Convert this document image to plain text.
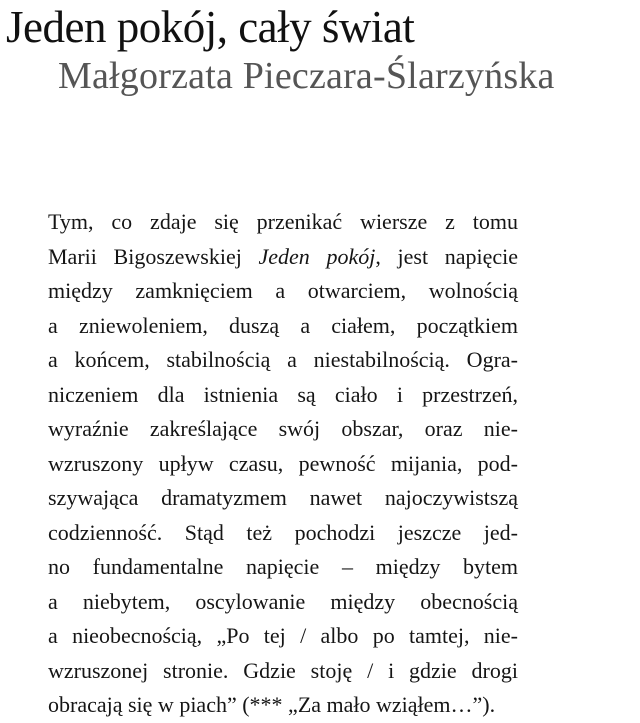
Jeden pokój, cały świat
Małgorzata Pieczara-Ślarzyńska
Tym, co zdaje się przenikać wiersze z tomu
Marii Bigoszewskiej Jeden pokój, jest napięcie
między zamknięciem a otwarciem, wolnością
a zniewoleniem, duszą a ciałem, początkiem
a końcem, stabilnością a niestabilnością. Ogra-
niczeniem dla istnienia są ciało i przestrzeń,
wyraźnie zakreślające swój obszar, oraz nie-
wzruszony upływ czasu, pewność mijania, pod-
szywająca dramatyzmem nawet najoczywistszą
codzienność. Stąd też pochodzi jeszcze jed-
no fundamentalne napięcie – między bytem
a niebytem, oscylowanie między obecnością
a nieobecnością, „Po tej / albo po tamtej, nie-
wzruszonej stronie. Gdzie stoję / i gdzie drogi
obracają się w piach” (*** „Za mało wziąłem…”).
